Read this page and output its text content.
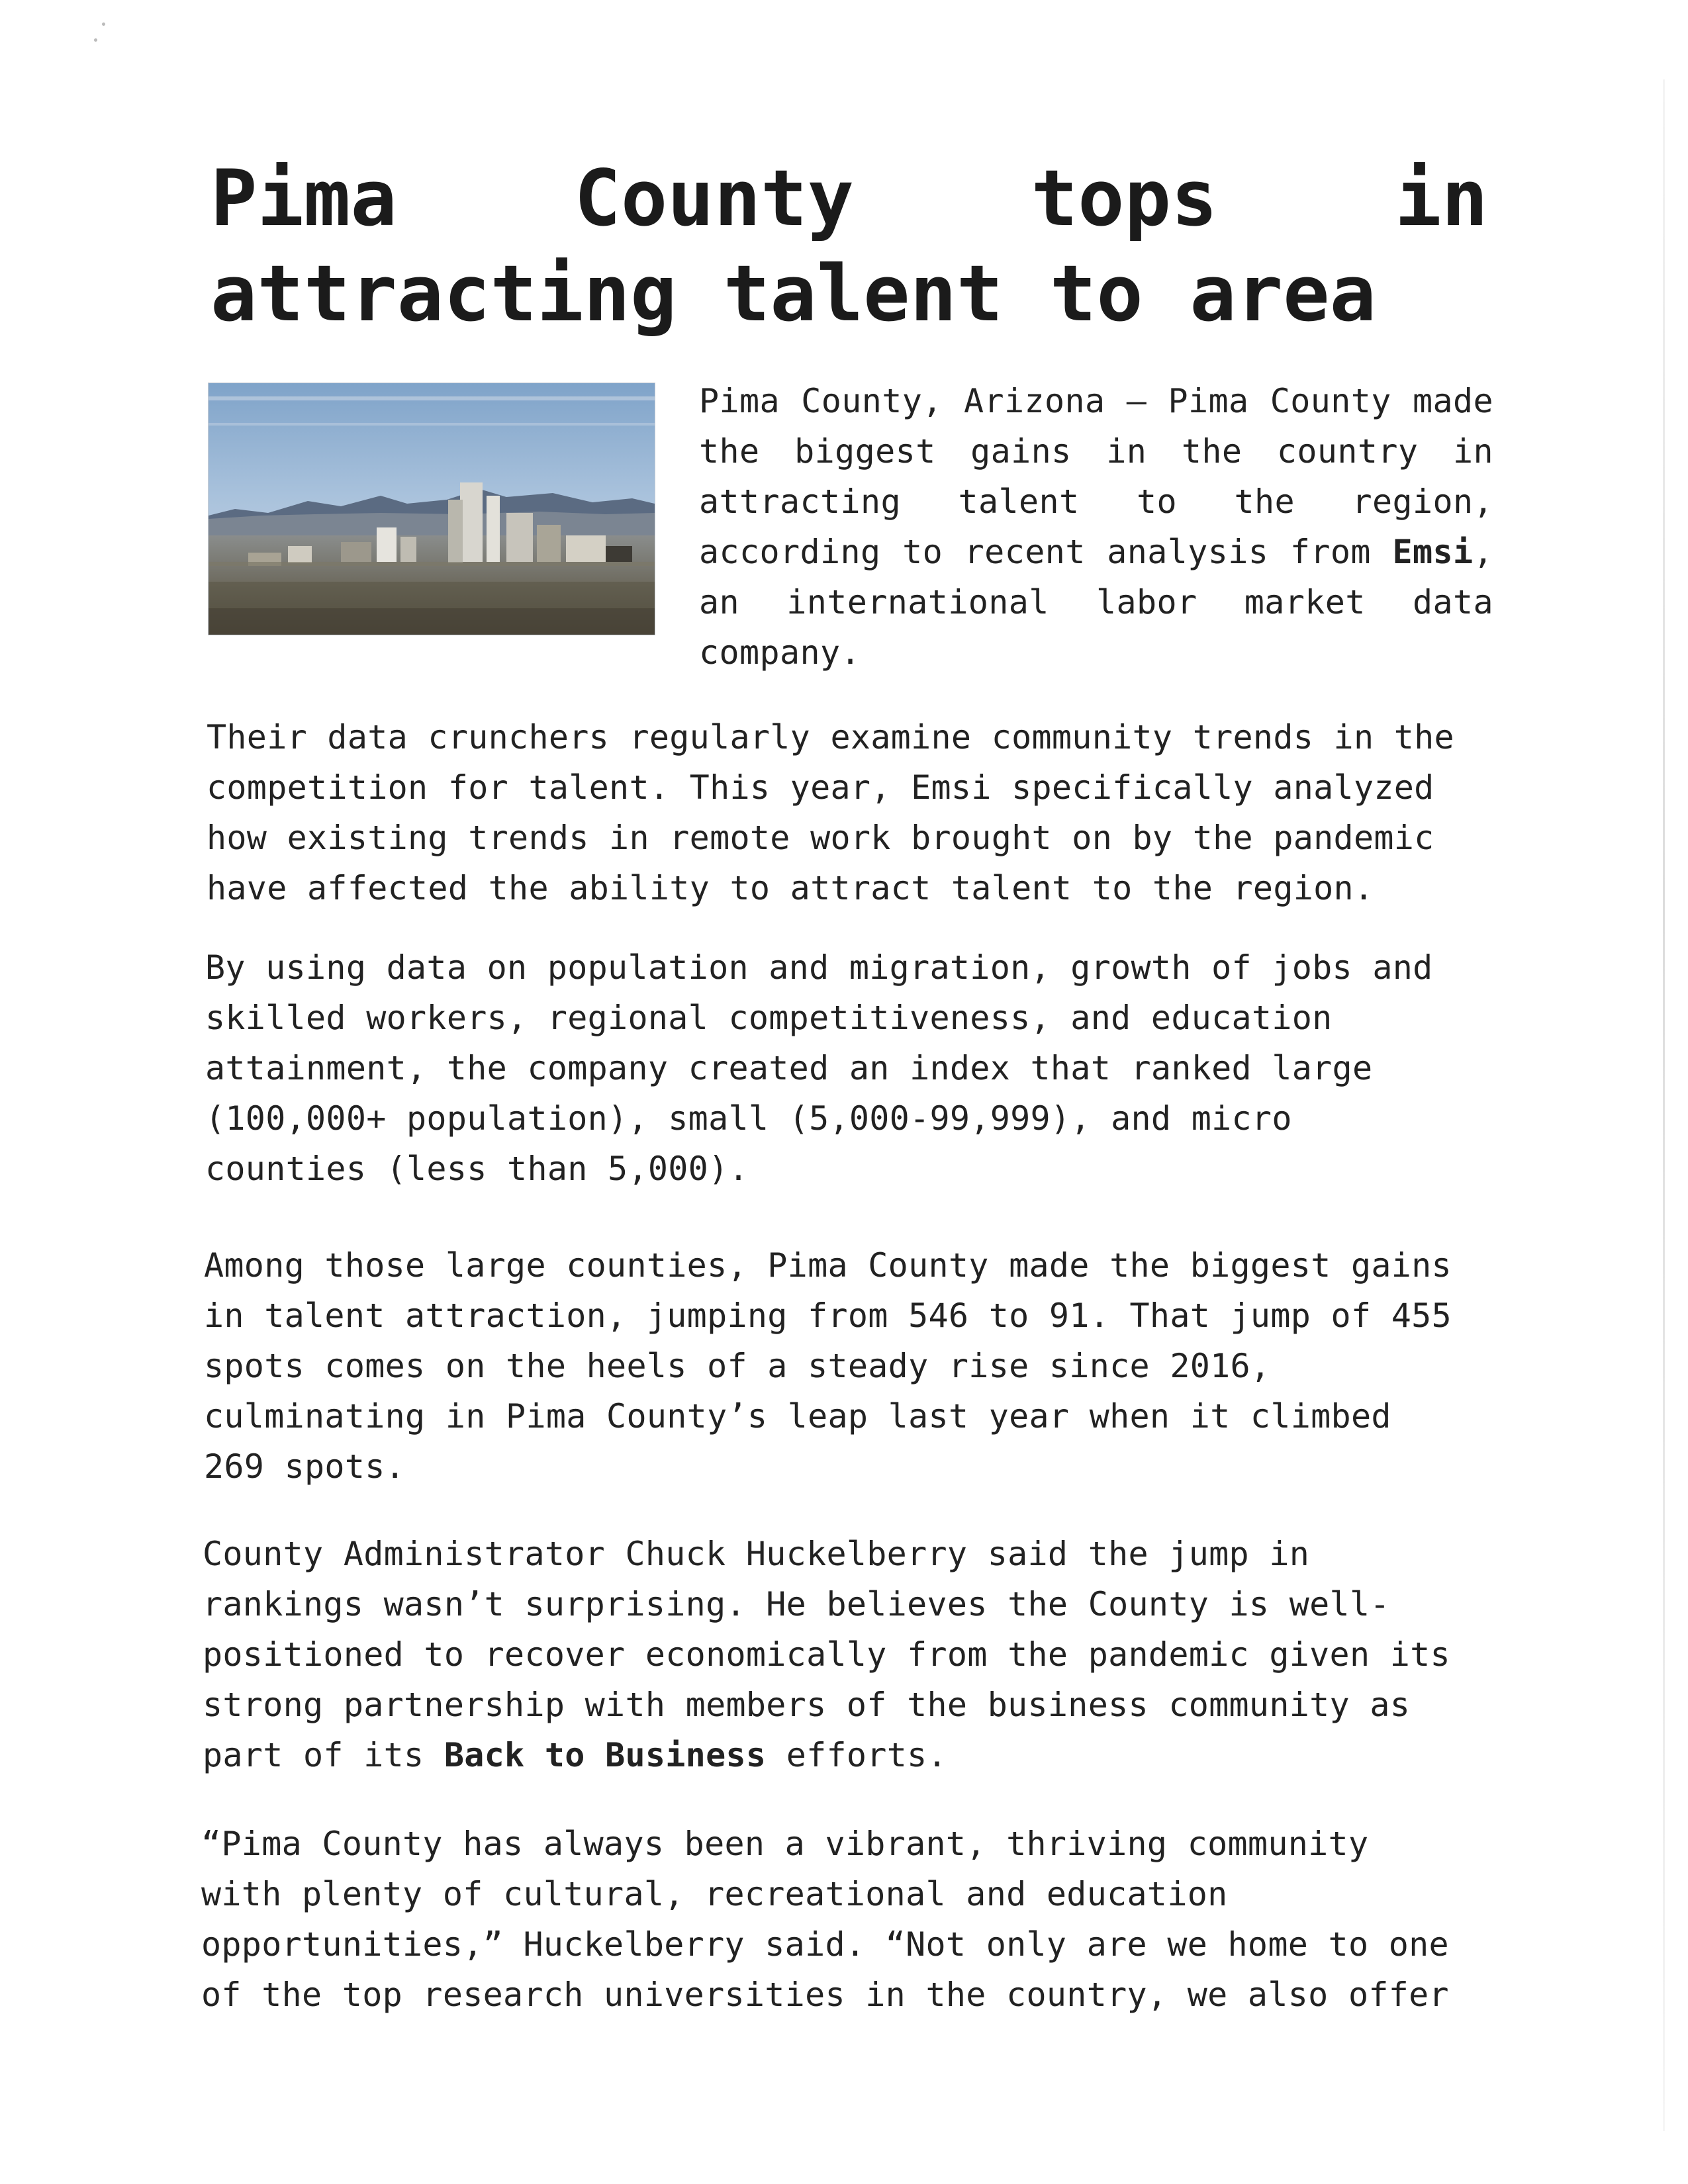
Pima County tops in
attracting talent to area

Pima County, Arizona – Pima County made the biggest gains in the country in attracting talent to the region, according to recent analysis from Emsi, an international labor market data company.

Their data crunchers regularly examine community trends in the
competition for talent. This year, Emsi specifically analyzed
how existing trends in remote work brought on by the pandemic
have affected the ability to attract talent to the region.

By using data on population and migration, growth of jobs and
skilled workers, regional competitiveness, and education
attainment, the company created an index that ranked large
(100,000+ population), small (5,000-99,999), and micro
counties (less than 5,000).

Among those large counties, Pima County made the biggest gains
in talent attraction, jumping from 546 to 91. That jump of 455
spots comes on the heels of a steady rise since 2016,
culminating in Pima County’s leap last year when it climbed
269 spots.

County Administrator Chuck Huckelberry said the jump in
rankings wasn’t surprising. He believes the County is well-
positioned to recover economically from the pandemic given its
strong partnership with members of the business community as
part of its Back to Business efforts.

“Pima County has always been a vibrant, thriving community
with plenty of cultural, recreational and education
opportunities,” Huckelberry said. “Not only are we home to one
of the top research universities in the country, we also offer
